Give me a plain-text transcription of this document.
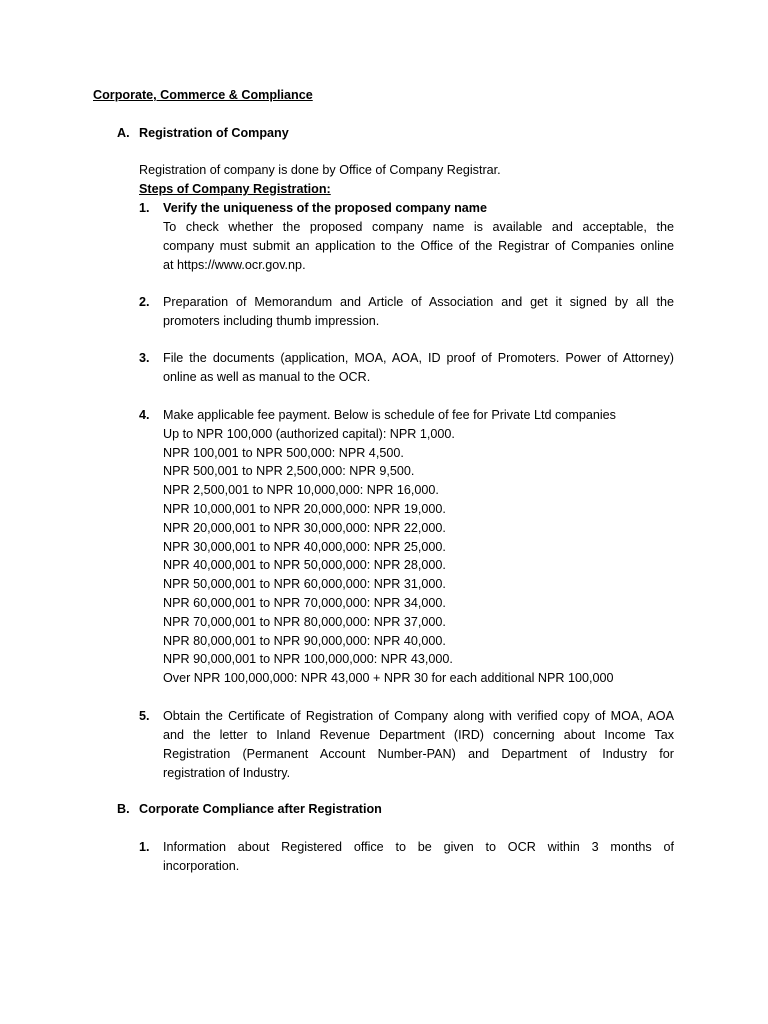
Corporate, Commerce & Compliance
A. Registration of Company
Registration of company is done by Office of Company Registrar.
Steps of Company Registration:
1. Verify the uniqueness of the proposed company name
To check whether the proposed company name is available and acceptable, the
company must submit an application to the Office of the Registrar of Companies online
at https://www.ocr.gov.np.
2. Preparation of Memorandum and Article of Association and get it signed by all the
promoters including thumb impression.
3. File the documents (application, MOA, AOA, ID proof of Promoters. Power of Attorney)
online as well as manual to the OCR.
4. Make applicable fee payment. Below is schedule of fee for Private Ltd companies
Up to NPR 100,000 (authorized capital): NPR 1,000.
NPR 100,001 to NPR 500,000: NPR 4,500.
NPR 500,001 to NPR 2,500,000: NPR 9,500.
NPR 2,500,001 to NPR 10,000,000: NPR 16,000.
NPR 10,000,001 to NPR 20,000,000: NPR 19,000.
NPR 20,000,001 to NPR 30,000,000: NPR 22,000.
NPR 30,000,001 to NPR 40,000,000: NPR 25,000.
NPR 40,000,001 to NPR 50,000,000: NPR 28,000.
NPR 50,000,001 to NPR 60,000,000: NPR 31,000.
NPR 60,000,001 to NPR 70,000,000: NPR 34,000.
NPR 70,000,001 to NPR 80,000,000: NPR 37,000.
NPR 80,000,001 to NPR 90,000,000: NPR 40,000.
NPR 90,000,001 to NPR 100,000,000: NPR 43,000.
Over NPR 100,000,000: NPR 43,000 + NPR 30 for each additional NPR 100,000
5. Obtain the Certificate of Registration of Company along with verified copy of MOA, AOA
and the letter to Inland Revenue Department (IRD) concerning about Income Tax
Registration (Permanent Account Number-PAN) and Department of Industry for
registration of Industry.
B. Corporate Compliance after Registration
1. Information about Registered office to be given to OCR within 3 months of
incorporation.
